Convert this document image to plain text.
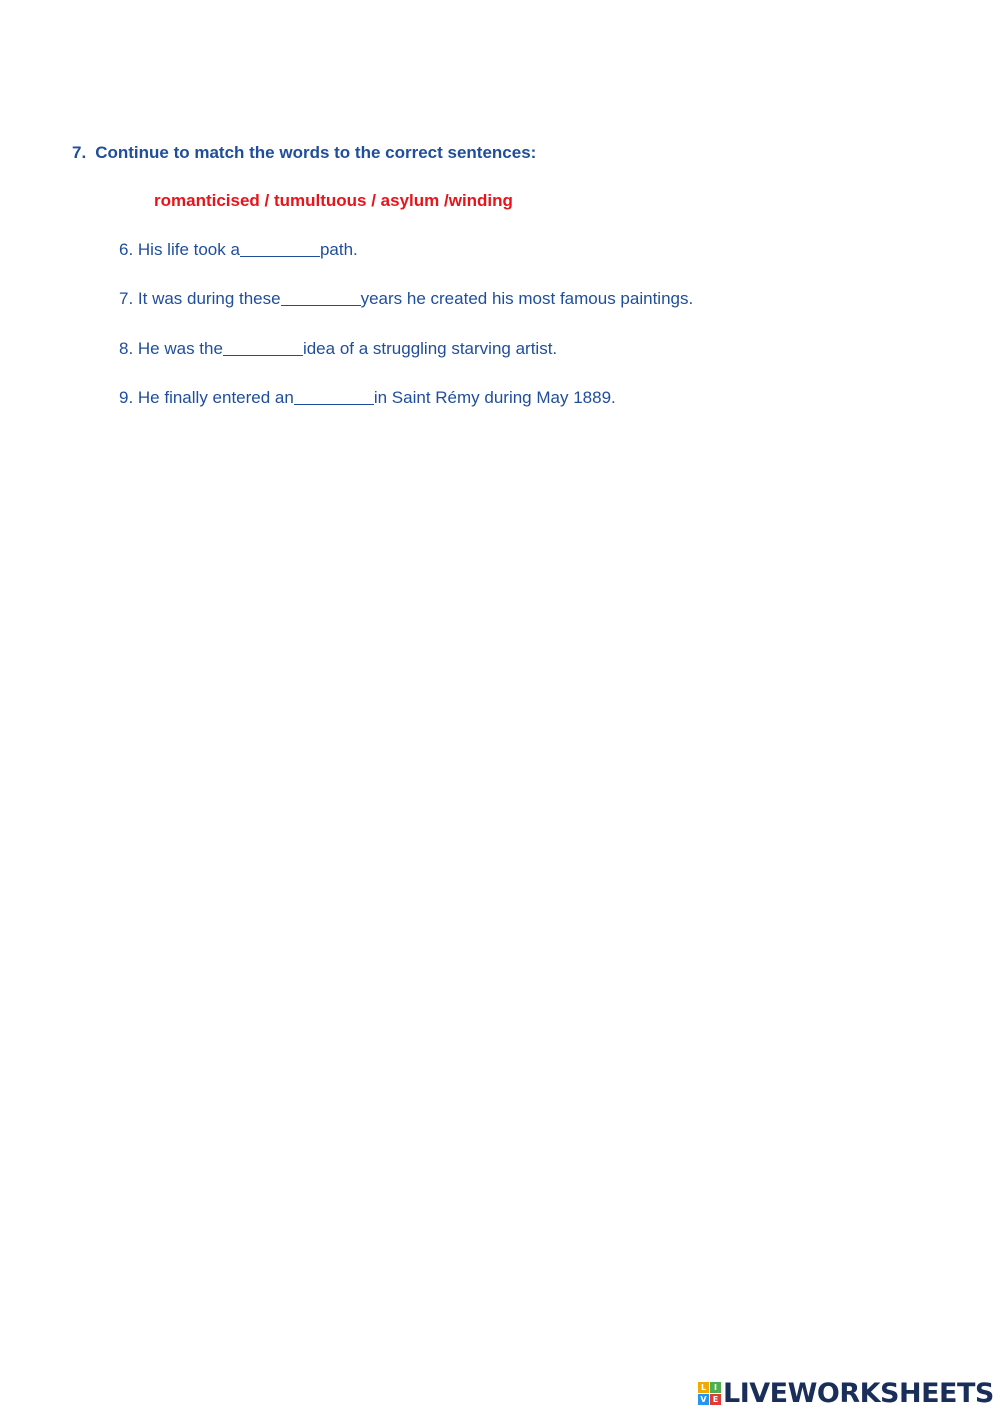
7. Continue to match the words to the correct sentences:
romanticised / tumultuous / asylum /winding
6. His life took a	path.
7. It was during these	years he created his most famous paintings.
8. He was the	idea of a struggling starving artist.
9. He finally entered an	in Saint Rémy during May 1889.
L I
V E LIVEWORKSHEETS
